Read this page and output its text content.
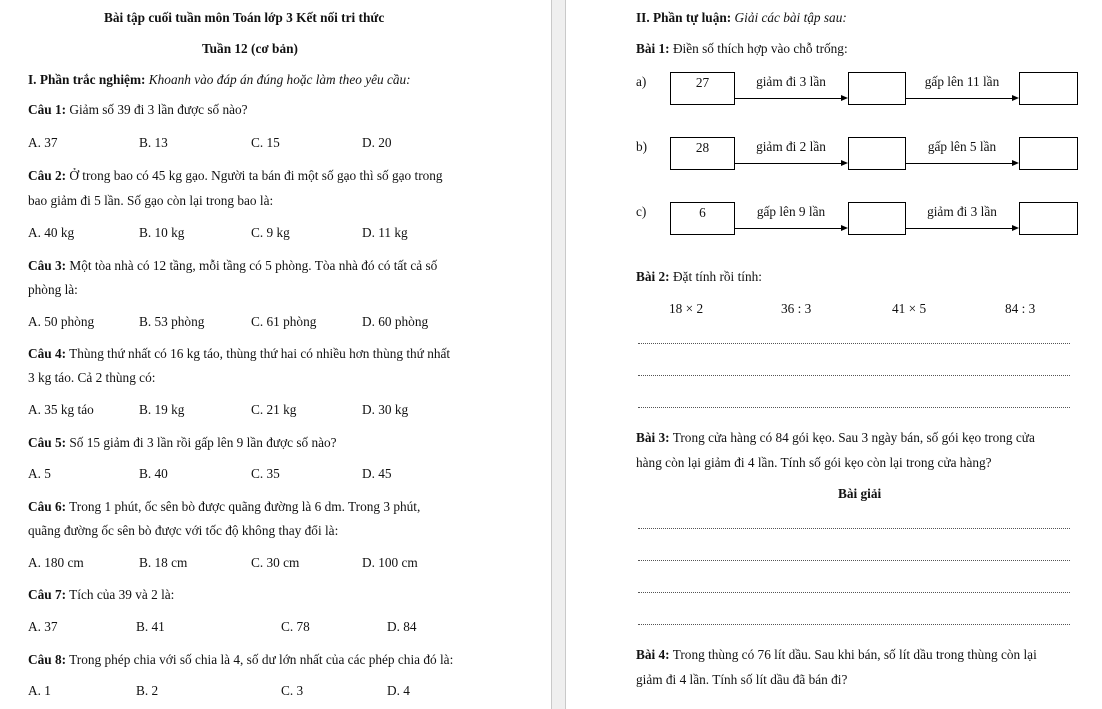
Bài tập cuối tuần môn Toán lớp 3 Kết nối tri thức
Tuần 12 (cơ bản)
I. Phần trắc nghiệm: Khoanh vào đáp án đúng hoặc làm theo yêu cầu:
Câu 1: Giảm số 39 đi 3 lần được số nào?
A. 37	B. 13	C. 15	D. 20
Câu 2: Ở trong bao có 45 kg gạo. Người ta bán đi một số gạo thì số gạo trong
bao giảm đi 5 lần. Số gạo còn lại trong bao là:
A. 40 kg	B. 10 kg	C. 9 kg	D. 11 kg
Câu 3: Một tòa nhà có 12 tầng, mỗi tầng có 5 phòng. Tòa nhà đó có tất cả số
phòng là:
A. 50 phòng	B. 53 phòng	C. 61 phòng	D. 60 phòng
Câu 4: Thùng thứ nhất có 16 kg táo, thùng thứ hai có nhiều hơn thùng thứ nhất
3 kg táo. Cả 2 thùng có:
A. 35 kg táo	B. 19 kg	C. 21 kg	D. 30 kg
Câu 5: Số 15 giảm đi 3 lần rồi gấp lên 9 lần được số nào?
A. 5	B. 40	C. 35	D. 45
Câu 6: Trong 1 phút, ốc sên bò được quãng đường là 6 dm. Trong 3 phút,
quãng đường ốc sên bò được với tốc độ không thay đổi là:
A. 180 cm	B. 18 cm	C. 30 cm	D. 100 cm
Câu 7: Tích của 39 và 2 là:
A. 37	B. 41	C. 78	D. 84
Câu 8: Trong phép chia với số chia là 4, số dư lớn nhất của các phép chia đó là:
A. 1	B. 2	C. 3	D. 4
II. Phần tự luận: Giải các bài tập sau:
Bài 1: Điền số thích hợp vào chỗ trống:
a)	27	giảm đi 3 lần	gấp lên 11 lần
b)	28	giảm đi 2 lần	gấp lên 5 lần
c)	6	gấp lên 9 lần	giảm đi 3 lần
Bài 2: Đặt tính rồi tính:
18 × 2	36 : 3	41 × 5	84 : 3
Bài 3: Trong cửa hàng có 84 gói kẹo. Sau 3 ngày bán, số gói kẹo trong cửa
hàng còn lại giảm đi 4 lần. Tính số gói kẹo còn lại trong cửa hàng?
Bài giải
Bài 4: Trong thùng có 76 lít dầu. Sau khi bán, số lít dầu trong thùng còn lại
giảm đi 4 lần. Tính số lít dầu đã bán đi?
